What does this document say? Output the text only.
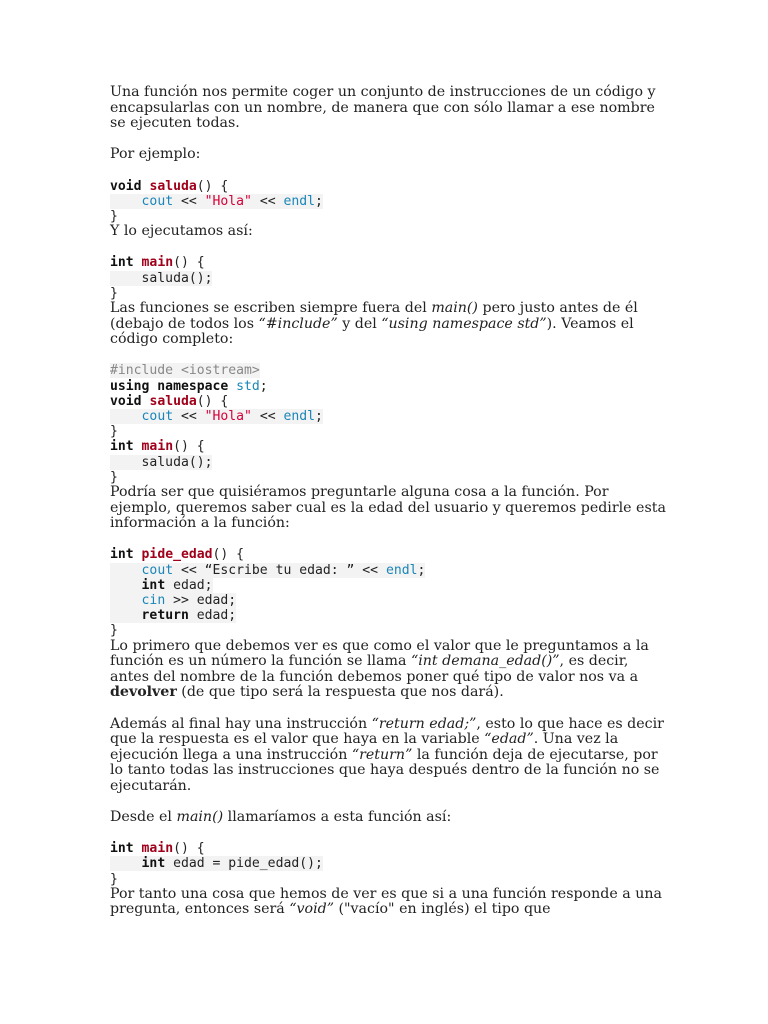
Una función nos permite coger un conjunto de instrucciones de un código y encapsularlas con un nombre, de manera que con sólo llamar a ese nombre se ejecuten todas.

Por ejemplo:

void saluda() {
cout << "Hola" << endl;
}

Y lo ejecutamos así:

int main() {
saluda();
}

Las funciones se escriben siempre fuera del main() pero justo antes de él (debajo de todos los “#include” y del “using namespace std”). Veamos el código completo:

#include <iostream>
using namespace std;
void saluda() {
cout << "Hola" << endl;
}
int main() {
saluda();
}

Podría ser que quisiéramos preguntarle alguna cosa a la función. Por ejemplo, queremos saber cual es la edad del usuario y queremos pedirle esta información a la función:

int pide_edad() {
cout << “Escribe tu edad: ” << endl;
int edad;
cin >> edad;
return edad;
}

Lo primero que debemos ver es que como el valor que le preguntamos a la función es un número la función se llama “int demana_edad()”, es decir, antes del nombre de la función debemos poner qué tipo de valor nos va a devolver (de que tipo será la respuesta que nos dará).

Además al final hay una instrucción “return edad;”, esto lo que hace es decir que la respuesta es el valor que haya en la variable “edad”. Una vez la ejecución llega a una instrucción “return” la función deja de ejecutarse, por lo tanto todas las instrucciones que haya después dentro de la función no se ejecutarán.

Desde el main() llamaríamos a esta función así:

int main() {
int edad = pide_edad();
}

Por tanto una cosa que hemos de ver es que si a una función responde a una pregunta, entonces será “void” ("vacío" en inglés) el tipo que
